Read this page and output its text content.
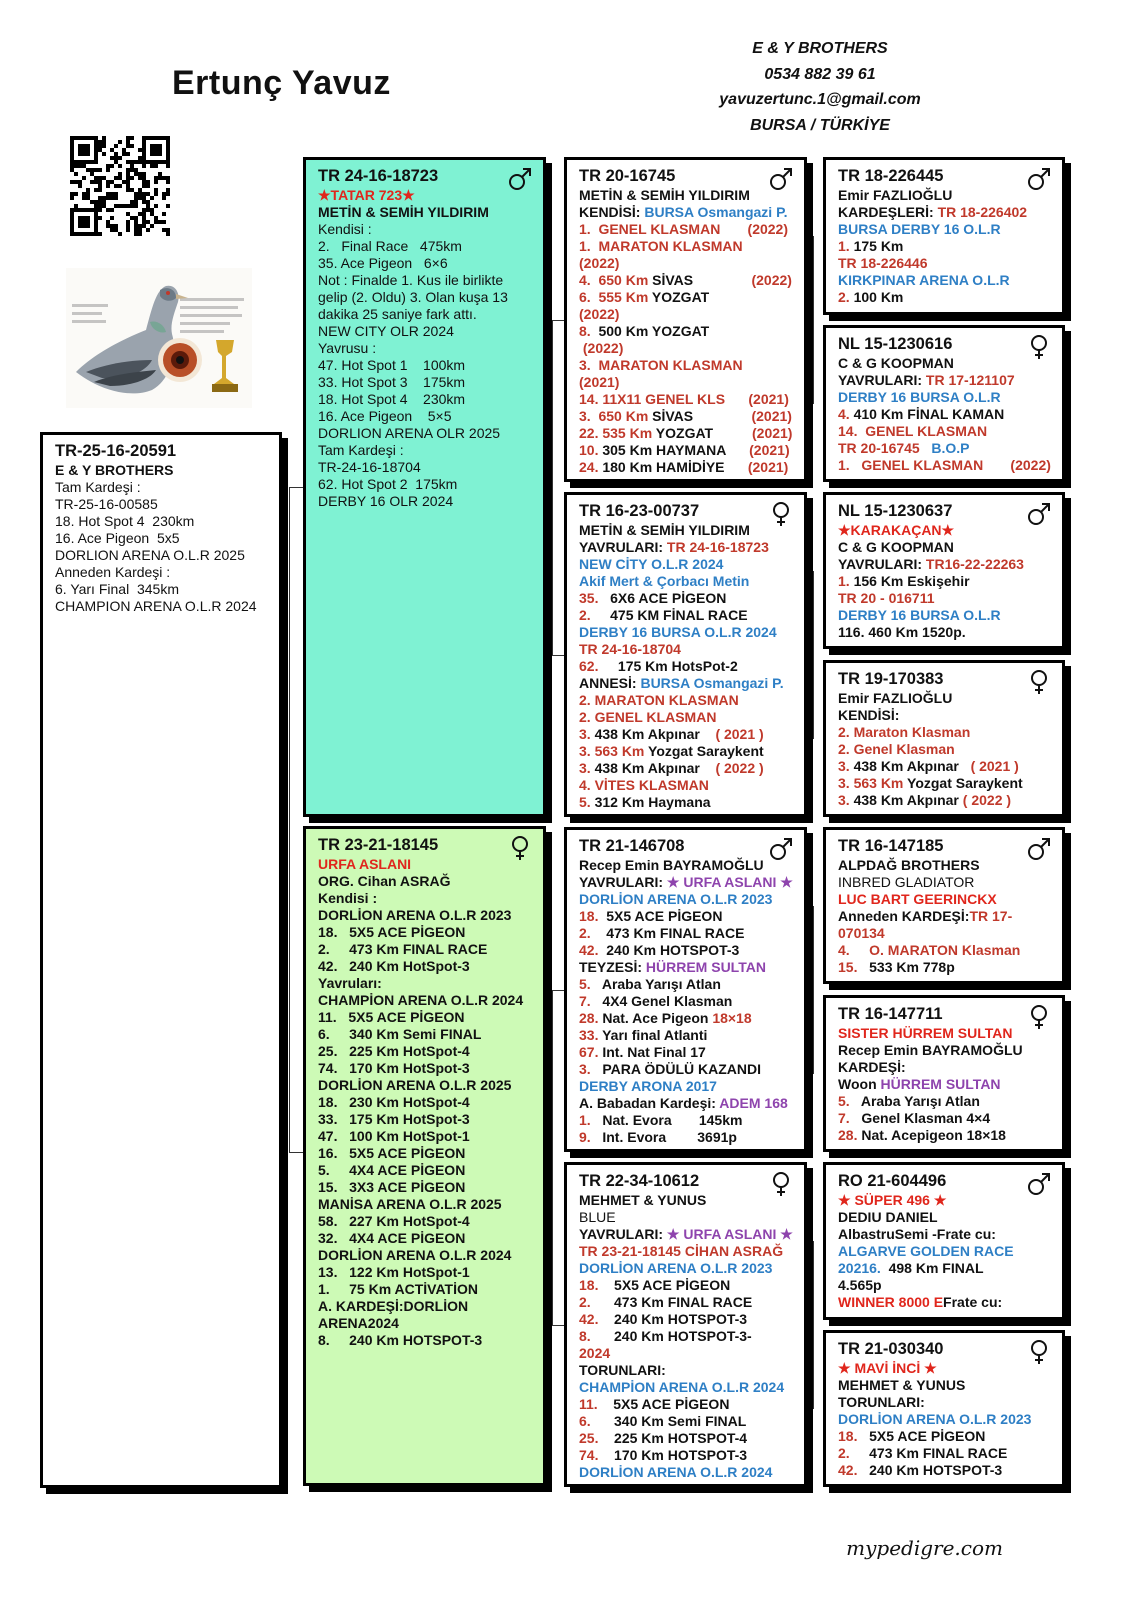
Ertunç Yavuz
E & Y BROTHERS
0534 882 39 61
yavuzertunc.1@gmail.com
BURSA / TÜRKİYE
TR-25-16-20591
E & Y BROTHERS
Tam Kardeşi :
TR-25-16-00585
18. Hot Spot 4  230km
16. Ace Pigeon  5x5
DORLION ARENA O.L.R 2025
Anneden Kardeşi :
6. Yarı Final  345km
CHAMPION ARENA O.L.R 2024
TR 24-16-18723
★TATAR 723★
METİN & SEMİH YILDIRIM
Kendisi :
2.   Final Race   475km
35. Ace Pigeon   6×6
Not : Finalde 1. Kus ile birlikte
gelip (2. Oldu) 3. Olan kuşa 13
dakika 25 saniye fark attı.
NEW CITY OLR 2024
Yavrusu :
47. Hot Spot 1    100km
33. Hot Spot 3    175km
18. Hot Spot 4    230km
16. Ace Pigeon    5×5
DORLION ARENA OLR 2025
Tam Kardeşi :
TR-24-16-18704
62. Hot Spot 2  175km
DERBY 16 OLR 2024
TR 23-21-18145
URFA ASLANI
ORG. Cihan ASRAĞ
Kendisi :
DORLİON ARENA O.L.R 2023
18.   5X5 ACE PİGEON
2.     473 Km FINAL RACE
42.   240 Km HotSpot-3
Yavruları:
CHAMPİON ARENA O.L.R 2024
11.   5X5 ACE PİGEON
6.     340 Km Semi FINAL
25.   225 Km HotSpot-4
74.   170 Km HotSpot-3
DORLİON ARENA O.L.R 2025
18.   230 Km HotSpot-4
33.   175 Km HotSpot-3
47.   100 Km HotSpot-1
16.   5X5 ACE PİGEON
5.     4X4 ACE PİGEON
15.   3X3 ACE PİGEON
MANİSA ARENA O.L.R 2025
58.   227 Km HotSpot-4
32.   4X4 ACE PİGEON
DORLİON ARENA O.L.R 2024
13.   122 Km HotSpot-1
1.     75 Km ACTİVATİON
A. KARDEŞİ:DORLİON
ARENA2024
8.     240 Km HOTSPOT-3
TR 20-16745
METİN & SEMİH YILDIRIM
KENDİSİ: BURSA Osmangazi P.
1.  GENEL KLASMAN       (2022)
1.  MARATON KLASMAN
(2022)
4.  650 Km SİVAS               (2022)
6.  555 Km YOZGAT
(2022)
8.  500 Km YOZGAT
(2022)
3.  MARATON KLASMAN
(2021)
14. 11X11 GENEL KLS      (2021)
3.  650 Km SİVAS               (2021)
22. 535 Km YOZGAT          (2021)
10. 305 Km HAYMANA      (2021)
24. 180 Km HAMİDİYE      (2021)
TR 16-23-00737
METİN & SEMİH YILDIRIM
YAVRULARI: TR 24-16-18723
NEW CİTY O.L.R 2024
Akif Mert & Çorbacı Metin
35.   6X6 ACE PİGEON
2.     475 KM FİNAL RACE
DERBY 16 BURSA O.L.R 2024
TR 24-16-18704
62.     175 Km HotsPot-2
ANNESİ: BURSA Osmangazi P.
2. MARATON KLASMAN
2. GENEL KLASMAN
3. 438 Km Akpınar    ( 2021 )
3. 563 Km Yozgat Saraykent
3. 438 Km Akpınar    ( 2022 )
4. VİTES KLASMAN
5. 312 Km Haymana
TR 21-146708
Recep Emin BAYRAMOĞLU
YAVRULARI: ★ URFA ASLANI ★
DORLİON ARENA O.L.R 2023
18.  5X5 ACE PİGEON
2.    473 Km FINAL RACE
42.  240 Km HOTSPOT-3
TEYZESİ: HÜRREM SULTAN
5.   Araba Yarışı Atlan
7.   4X4 Genel Klasman
28. Nat. Ace Pigeon 18×18
33. Yarı final Atlanti
67. Int. Nat Final 17
3.   PARA ÖDÜLÜ KAZANDI
DERBY ARONA 2017
A. Babadan Kardeşi: ADEM 168
1.   Nat. Evora       145km
9.   Int. Evora        3691p
TR 22-34-10612
MEHMET & YUNUS
BLUE
YAVRULARI: ★ URFA ASLANI ★
TR 23-21-18145 CİHAN ASRAĞ
DORLİON ARENA O.L.R 2023
18.    5X5 ACE PİGEON
2.      473 Km FINAL RACE
42.    240 Km HOTSPOT-3
8.      240 Km HOTSPOT-3-
2024
TORUNLARI:
CHAMPİON ARENA O.L.R 2024
11.    5X5 ACE PİGEON
6.      340 Km Semi FINAL
25.    225 Km HOTSPOT-4
74.    170 Km HOTSPOT-3
DORLİON ARENA O.L.R 2024
TR 18-226445
Emir FAZLIOĞLU
KARDEŞLERİ: TR 18-226402
BURSA DERBY 16 O.L.R
1. 175 Km
TR 18-226446
KIRKPINAR ARENA O.L.R
2. 100 Km
NL 15-1230616
C & G KOOPMAN
YAVRULARI: TR 17-121107
DERBY 16 BURSA O.L.R
4. 410 Km FİNAL KAMAN
14.  GENEL KLASMAN
TR 20-16745   B.O.P
1.   GENEL KLASMAN       (2022)
NL 15-1230637
★KARAKAÇAN★
C & G KOOPMAN
YAVRULARI: TR16-22-22263
1. 156 Km Eskişehir
TR 20 - 016711
DERBY 16 BURSA O.L.R
116. 460 Km 1520p.
TR 19-170383
Emir FAZLIOĞLU
KENDİSİ:
2. Maraton Klasman
2. Genel Klasman
3. 438 Km Akpınar   ( 2021 )
3. 563 Km Yozgat Saraykent
3. 438 Km Akpınar ( 2022 )
TR 16-147185
ALPDAĞ BROTHERS
INBRED GLADIATOR
LUC BART GEERINCKX
Anneden KARDEŞİ:TR 17-
070134
4.     O. MARATON Klasman
15.   533 Km 778p
TR 16-147711
SISTER HÜRREM SULTAN
Recep Emin BAYRAMOĞLU
KARDEŞİ:
Woon HÜRREM SULTAN
5.   Araba Yarışı Atlan
7.   Genel Klasman 4×4
28. Nat. Acepigeon 18×18
RO 21-604496
★ SÜPER 496 ★
DEDIU DANIEL
AlbastruSemi -Frate cu:
ALGARVE GOLDEN RACE
20216.  498 Km FINAL
4.565p
WINNER 8000 EFrate cu:
TR 21-030340
★ MAVİ İNCİ ★
MEHMET & YUNUS
TORUNLARI:
DORLİON ARENA O.L.R 2023
18.   5X5 ACE PİGEON
2.     473 Km FINAL RACE
42.   240 Km HOTSPOT-3
mypedigre.com
